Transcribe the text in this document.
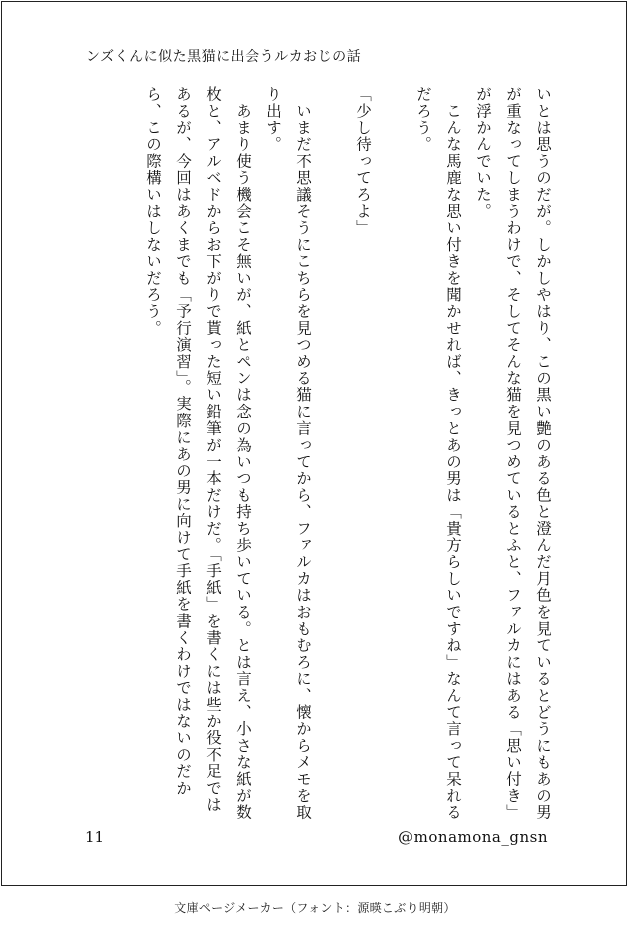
ンズくんに似た黒猫に出会うルカおじの話

いとは思うのだが。しかしやはり、この黒い艶のある色と澄んだ月色を見ているとどうにもあの男が重なってしまうわけで、そしてそんな猫を見つめているとふと、ファルカにはある「思い付き」が浮かんでいた。

　こんな馬鹿な思い付きを聞かせれば、きっとあの男は「貴方らしいですね」なんて言って呆れるだろう。

「少し待ってろよ」

　いまだ不思議そうにこちらを見つめる猫に言ってから、ファルカはおもむろに、懐からメモを取り出す。

　あまり使う機会こそ無いが、紙とペンは念の為いつも持ち歩いている。とは言え、小さな紙が数枚と、アルベドからお下がりで貰った短い鉛筆が一本だけだ。「手紙」を書くには些か役不足ではあるが、今回はあくまでも「予行演習」。実際にあの男に向けて手紙を書くわけではないのだから、この際構いはしないだろう。

11	@monamona_gnsn
文庫ページメーカー（フォント：源暎こぶり明朝）
